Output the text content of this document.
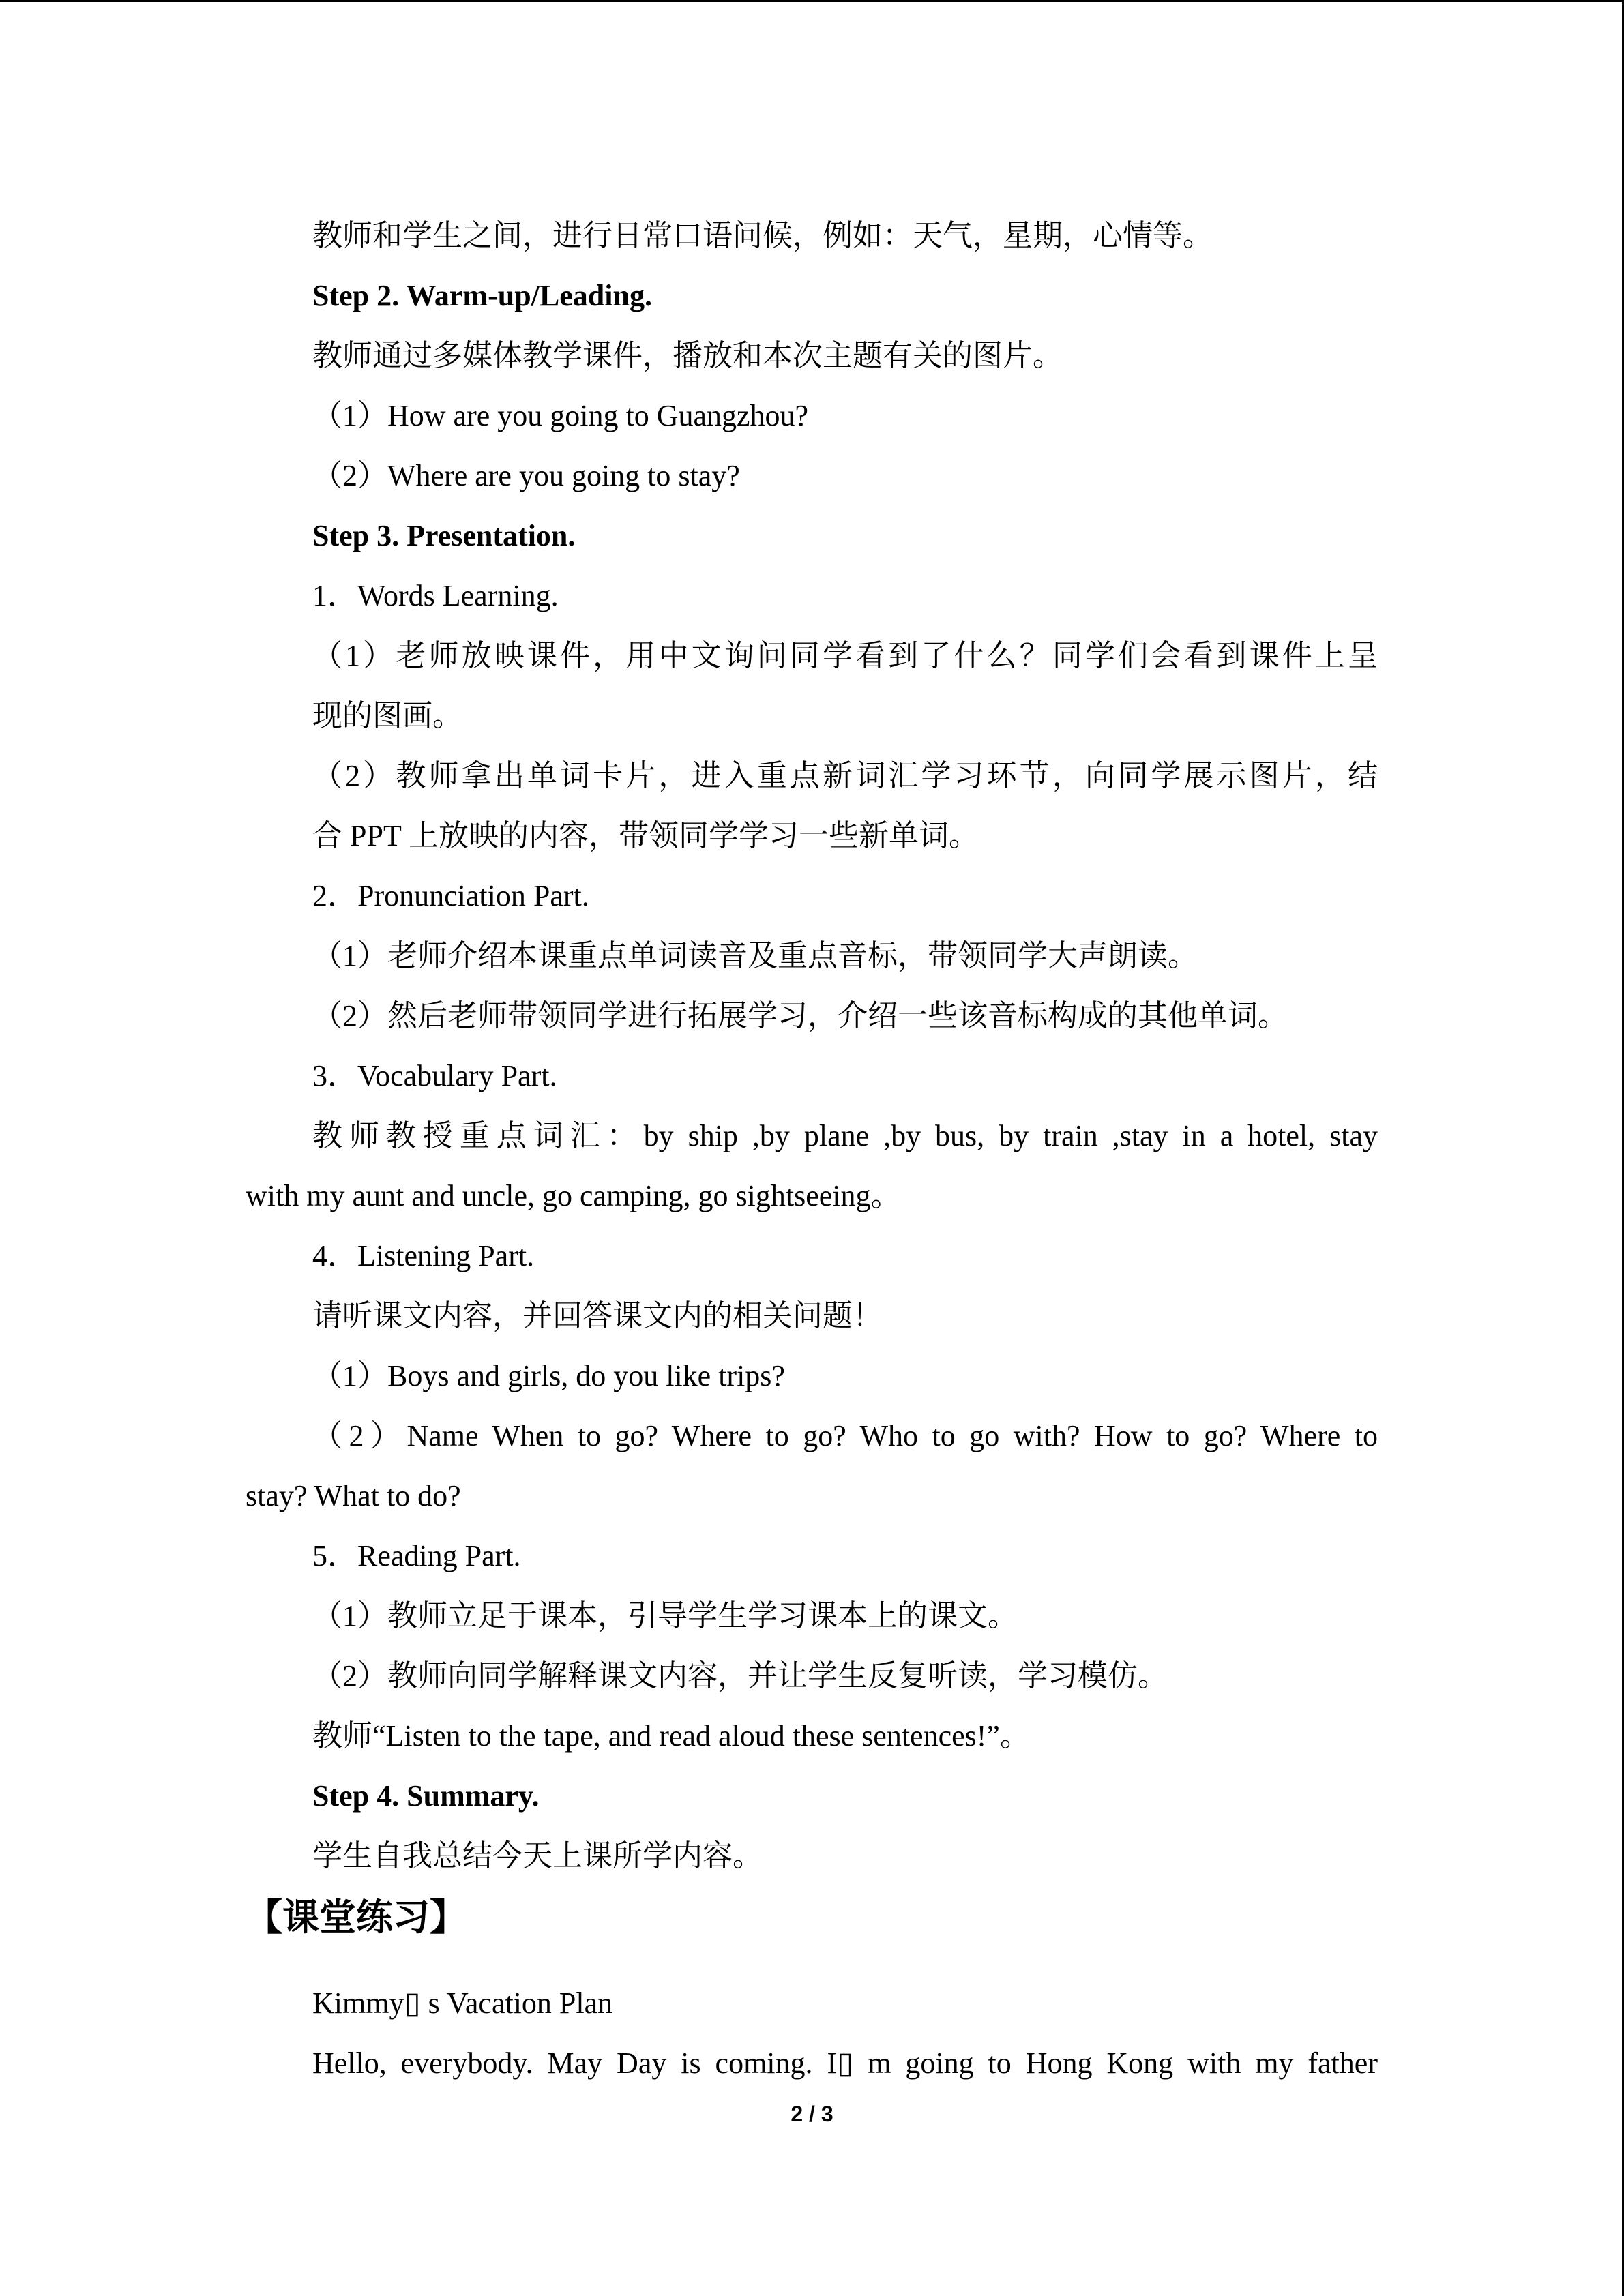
教师和学生之间，进行日常口语问候，例如：天气，星期，心情等。
Step 2. Warm-up/Leading.
教师通过多媒体教学课件，播放和本次主题有关的图片。
（1）How are you going to Guangzhou?
（2）Where are you going to stay?
Step 3. Presentation.
1．Words Learning.
（1）老师放映课件，用中文询问同学看到了什么？同学们会看到课件上呈
现的图画。
（2）教师拿出单词卡片，进入重点新词汇学习环节，向同学展示图片，结
合 PPT 上放映的内容，带领同学学习一些新单词。
2．Pronunciation Part.
（1）老师介绍本课重点单词读音及重点音标，带领同学大声朗读。
（2）然后老师带领同学进行拓展学习，介绍一些该音标构成的其他单词。
3．Vocabulary Part.
教师教授重点词汇：by ship ,by plane ,by bus, by train ,stay in a hotel, stay
with my aunt and uncle, go camping, go sightseeing。
4．Listening Part.
请听课文内容，并回答课文内的相关问题！
（1）Boys and girls, do you like trips?
（2）Name When to go? Where to go? Who to go with? How to go? Where to
stay? What to do?
5．Reading Part.
（1）教师立足于课本，引导学生学习课本上的课文。
（2）教师向同学解释课文内容，并让学生反复听读，学习模仿。
教师“Listen to the tape, and read aloud these sentences!”。
Step 4. Summary.
学生自我总结今天上课所学内容。
【课堂练习】
Kimmy▯ s Vacation Plan
Hello, everybody. May Day is coming. I▯ m going to Hong Kong with my father
2 / 3
